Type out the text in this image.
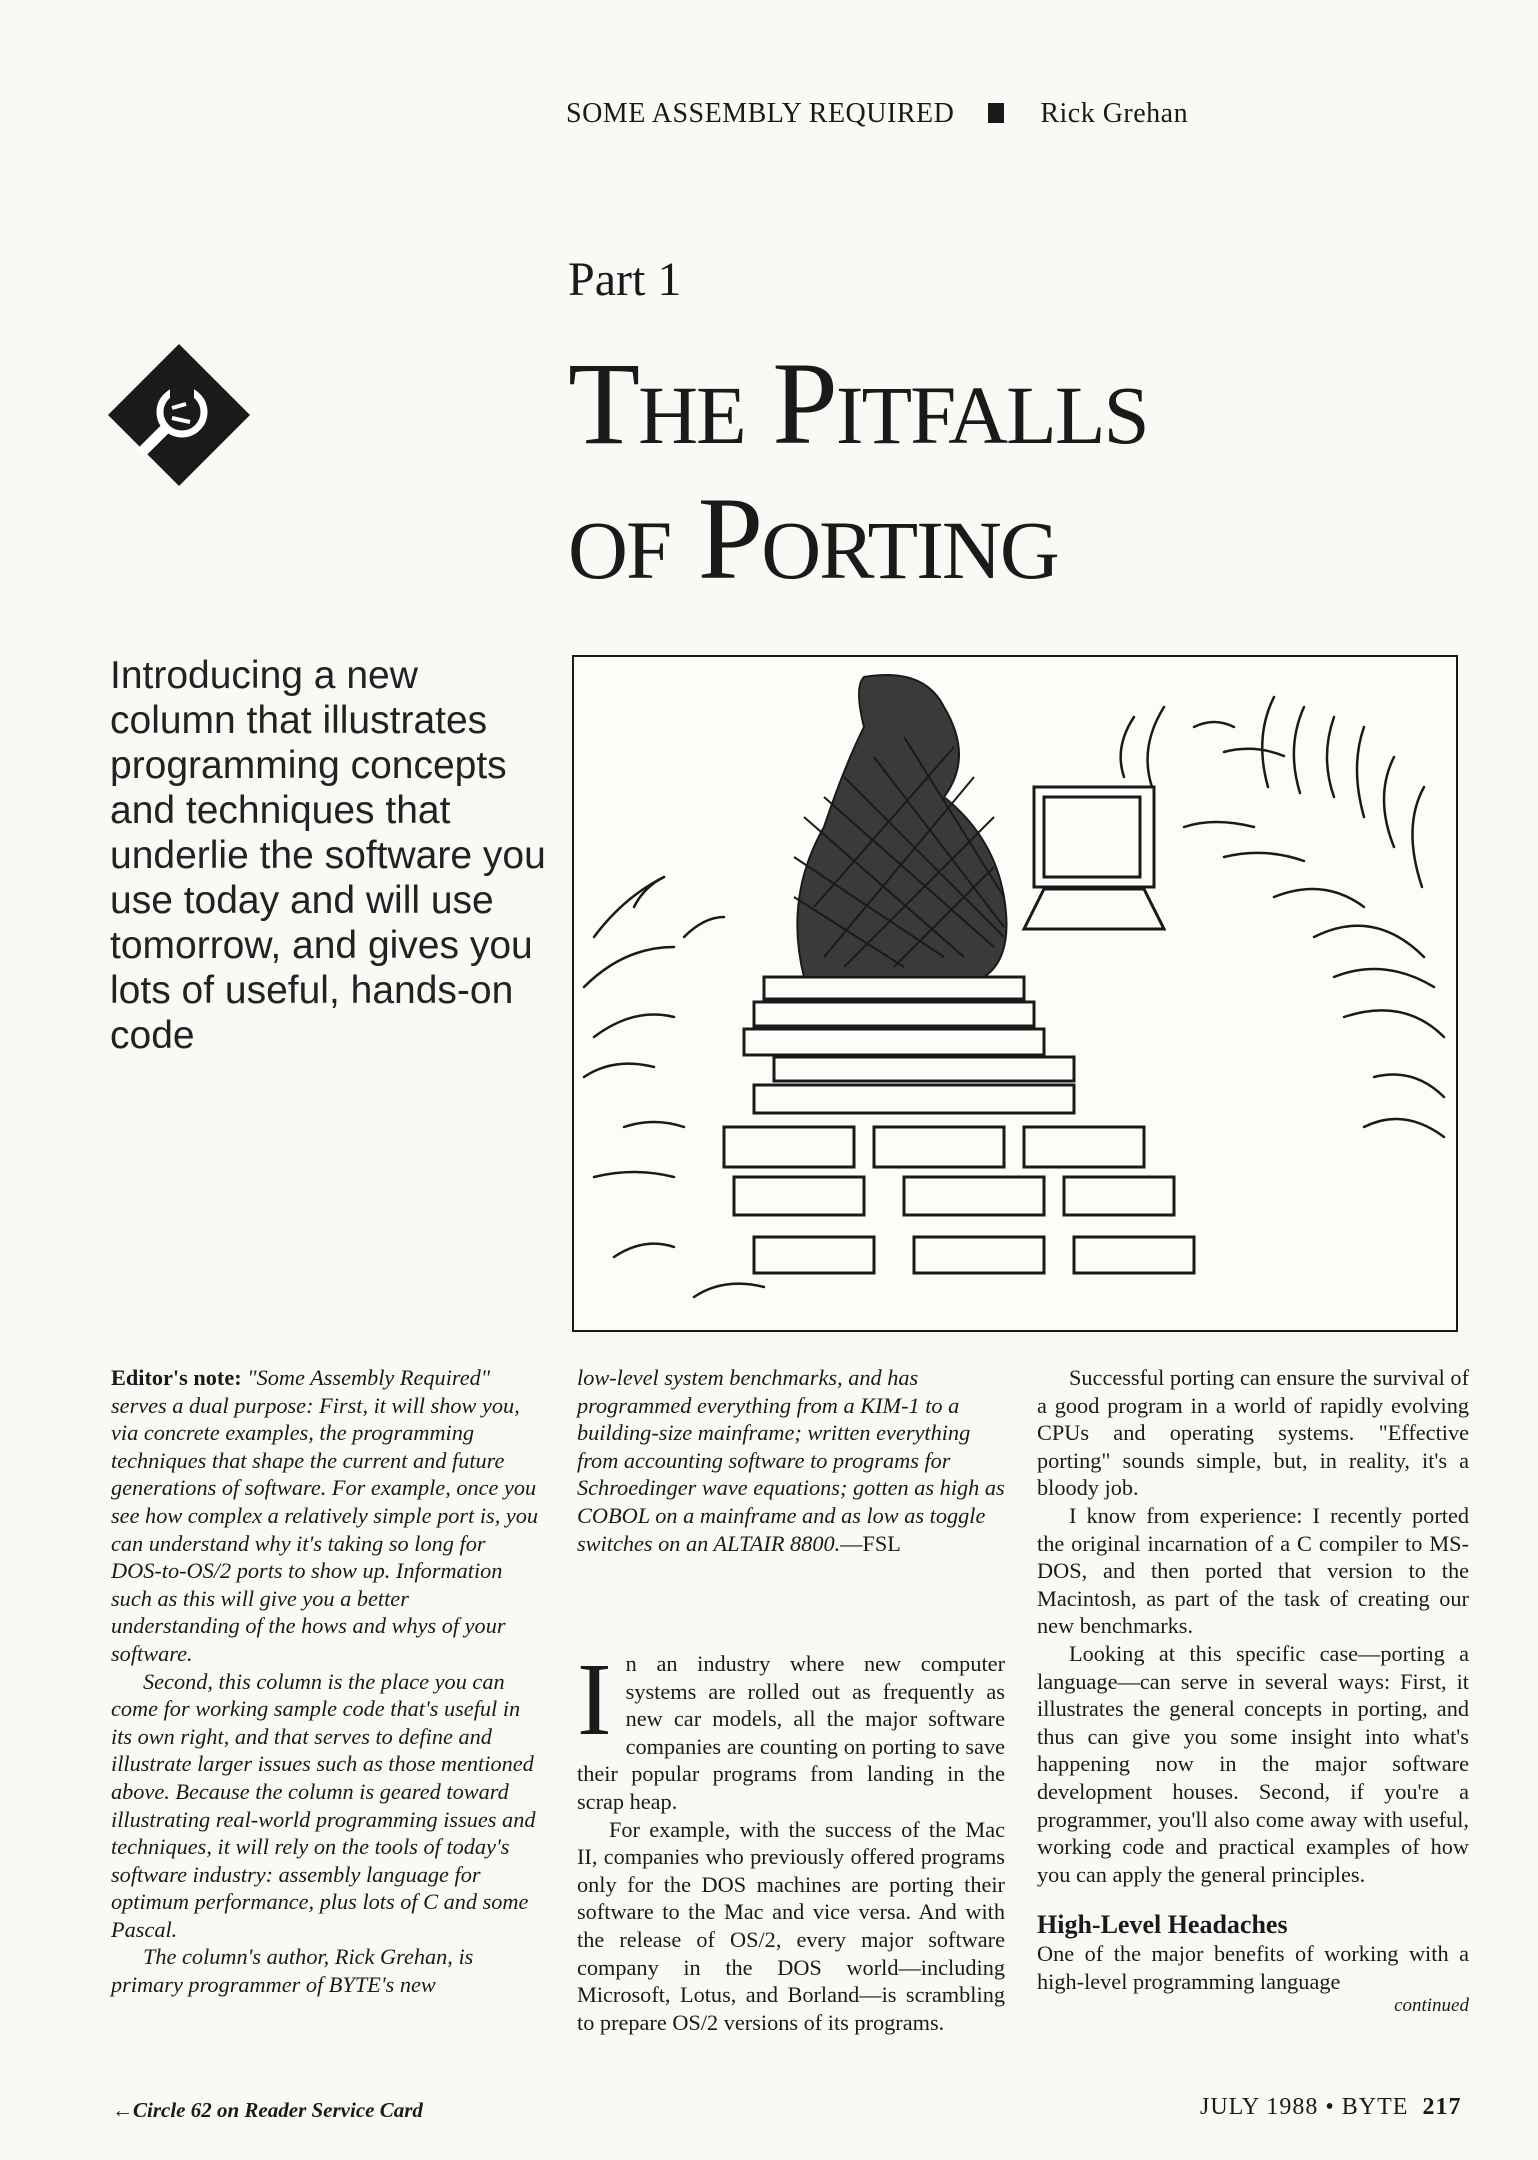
SOME ASSEMBLY REQUIRED	Rick Grehan
Part 1
The Pitfalls
of Porting
Introducing a new column that illustrates programming concepts and techniques that underlie the software you use today and will use tomorrow, and gives you lots of useful, hands-on code

Editor's note: "Some Assembly Required" serves a dual purpose: First, it will show you, via concrete examples, the programming techniques that shape the current and future generations of software. For example, once you see how complex a relatively simple port is, you can understand why it's taking so long for DOS-to-OS/2 ports to show up. Information such as this will give you a better understanding of the hows and whys of your software.

Second, this column is the place you can come for working sample code that's useful in its own right, and that serves to define and illustrate larger issues such as those mentioned above. Because the column is geared toward illustrating real-world programming issues and techniques, it will rely on the tools of today's software industry: assembly language for optimum performance, plus lots of C and some Pascal.

The column's author, Rick Grehan, is primary programmer of BYTE's new

low-level system benchmarks, and has programmed everything from a KIM-1 to a building-size mainframe; written everything from accounting software to programs for Schroedinger wave equations; gotten as high as COBOL on a mainframe and as low as toggle switches on an ALTAIR 8800.—FSL

In an industry where new computer systems are rolled out as frequently as new car models, all the major software companies are counting on porting to save their popular programs from landing in the scrap heap.

For example, with the success of the Mac II, companies who previously offered programs only for the DOS machines are porting their software to the Mac and vice versa. And with the release of OS/2, every major software company in the DOS world—including Microsoft, Lotus, and Borland—is scrambling to prepare OS/2 versions of its programs.

Successful porting can ensure the survival of a good program in a world of rapidly evolving CPUs and operating systems. "Effective porting" sounds simple, but, in reality, it's a bloody job.

I know from experience: I recently ported the original incarnation of a C compiler to MS-DOS, and then ported that version to the Macintosh, as part of the task of creating our new benchmarks.

Looking at this specific case—porting a language—can serve in several ways: First, it illustrates the general concepts in porting, and thus can give you some insight into what's happening now in the major software development houses. Second, if you're a programmer, you'll also come away with useful, working code and practical examples of how you can apply the general principles.

High-Level Headaches

One of the major benefits of working with a high-level programming language

continued
←Circle 62 on Reader Service Card	JULY 1988 • BYTE 217
